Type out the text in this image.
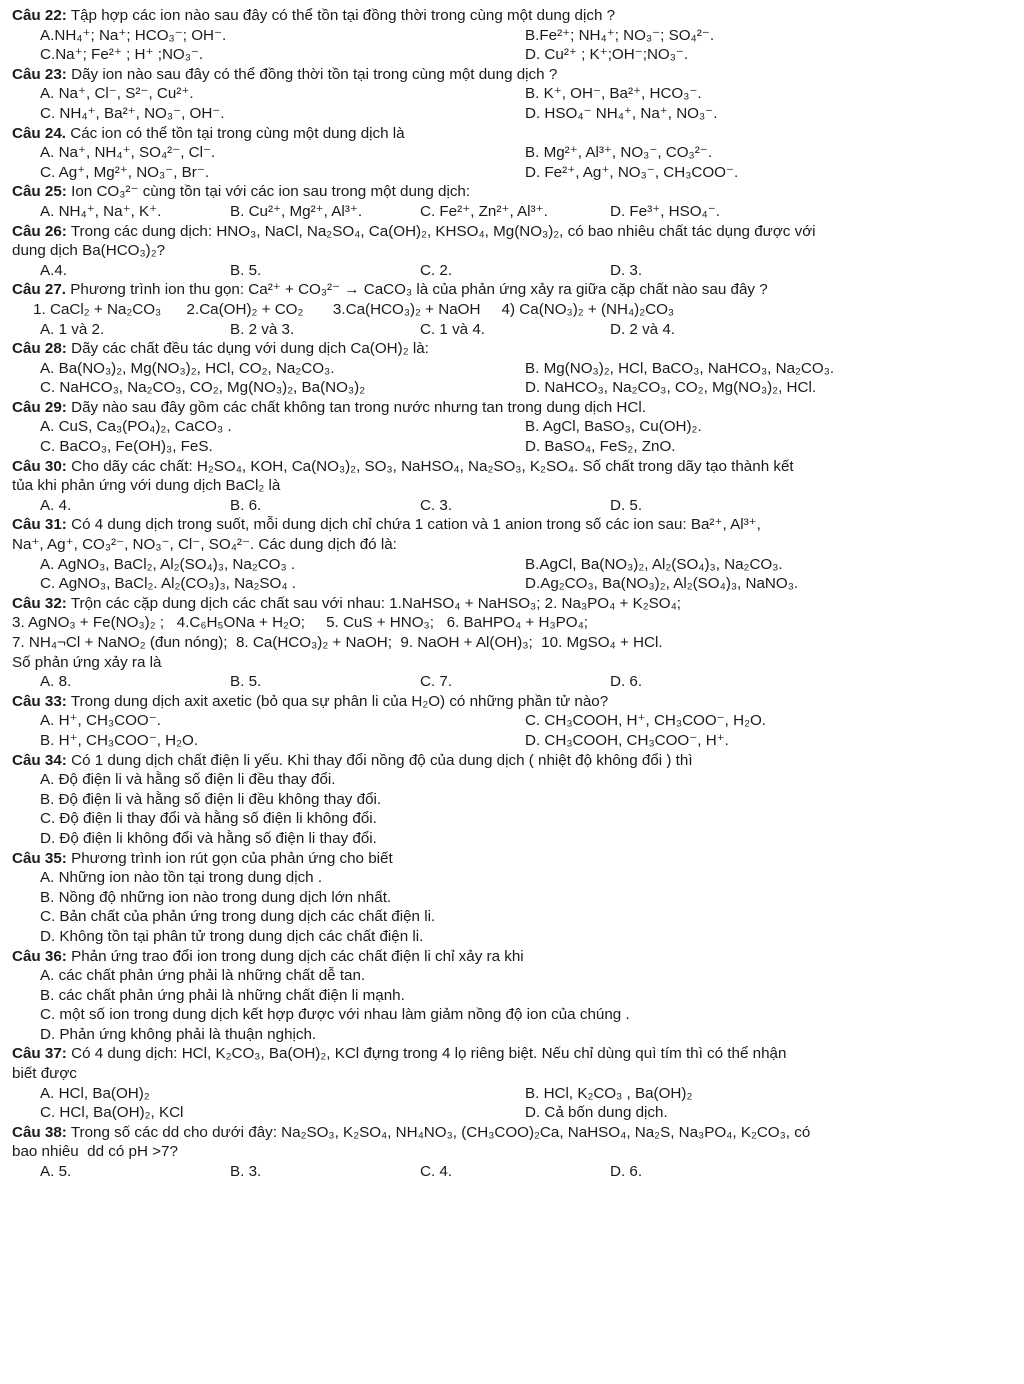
Câu 22: Tập hợp các ion nào sau đây có thể tồn tại đồng thời trong cùng một dung dịch ?
A.NH₄⁺; Na⁺; HCO₃⁻; OH⁻.	B.Fe²⁺; NH₄⁺; NO₃⁻; SO₄²⁻.
C.Na⁺; Fe²⁺ ; H⁺ ;NO₃⁻.	D. Cu²⁺ ; K⁺;OH⁻;NO₃⁻.
Câu 23: Dãy ion nào sau đây có thể đồng thời tồn tại trong cùng một dung dịch ?
A. Na⁺, Cl⁻, S²⁻, Cu²⁺.	B. K⁺, OH⁻, Ba²⁺, HCO₃⁻.
C. NH₄⁺, Ba²⁺, NO₃⁻, OH⁻.	D. HSO₄⁻ NH₄⁺, Na⁺, NO₃⁻.
Câu 24. Các ion có thể tồn tại trong cùng một dung dịch là
A. Na⁺, NH₄⁺, SO₄²⁻, Cl⁻.	B. Mg²⁺, Al³⁺, NO₃⁻, CO₃²⁻.
C. Ag⁺, Mg²⁺, NO₃⁻, Br⁻.	D. Fe²⁺, Ag⁺, NO₃⁻, CH₃COO⁻.
Câu 25: Ion CO₃²⁻ cùng tồn tại với các ion sau trong một dung dịch:
A. NH₄⁺, Na⁺, K⁺.	B. Cu²⁺, Mg²⁺, Al³⁺.	C. Fe²⁺, Zn²⁺, Al³⁺.	D. Fe³⁺, HSO₄⁻.
Câu 26: Trong các dung dịch: HNO₃, NaCl, Na₂SO₄, Ca(OH)₂, KHSO₄, Mg(NO₃)₂, có bao nhiêu chất tác dụng được với
dung dịch Ba(HCO₃)₂?
A.4.	B. 5.	C. 2.	D. 3.
Câu 27. Phương trình ion thu gọn: Ca²⁺ + CO₃²⁻ → CaCO₃ là của phản ứng xảy ra giữa cặp chất nào sau đây ?
1. CaCl₂ + Na₂CO₃      2.Ca(OH)₂ + CO₂       3.Ca(HCO₃)₂ + NaOH     4) Ca(NO₃)₂ + (NH₄)₂CO₃
A. 1 và 2.	B. 2 và 3.	C. 1 và 4.	D. 2 và 4.
Câu 28: Dãy các chất đều tác dụng với dung dịch Ca(OH)₂ là:
A. Ba(NO₃)₂, Mg(NO₃)₂, HCl, CO₂, Na₂CO₃.	B. Mg(NO₃)₂, HCl, BaCO₃, NaHCO₃, Na₂CO₃.
C. NaHCO₃, Na₂CO₃, CO₂, Mg(NO₃)₂, Ba(NO₃)₂	D. NaHCO₃, Na₂CO₃, CO₂, Mg(NO₃)₂, HCl.
Câu 29: Dãy nào sau đây gồm các chất không tan trong nước nhưng tan trong dung dịch HCl.
A. CuS, Ca₃(PO₄)₂, CaCO₃ .	B. AgCl, BaSO₃, Cu(OH)₂.
C. BaCO₃, Fe(OH)₃, FeS.	D. BaSO₄, FeS₂, ZnO.
Câu 30: Cho dãy các chất: H₂SO₄, KOH, Ca(NO₃)₂, SO₃, NaHSO₄, Na₂SO₃, K₂SO₄. Số chất trong dãy tạo thành kết
tủa khi phản ứng với dung dịch BaCl₂ là
A. 4.	B. 6.	C. 3.	D. 5.
Câu 31: Có 4 dung dịch trong suốt, mỗi dung dịch chỉ chứa 1 cation và 1 anion trong số các ion sau: Ba²⁺, Al³⁺,
Na⁺, Ag⁺, CO₃²⁻, NO₃⁻, Cl⁻, SO₄²⁻. Các dung dịch đó là:
A. AgNO₃, BaCl₂, Al₂(SO₄)₃, Na₂CO₃ .	B.AgCl, Ba(NO₃)₂, Al₂(SO₄)₃, Na₂CO₃.
C. AgNO₃, BaCl₂. Al₂(CO₃)₃, Na₂SO₄ .	D.Ag₂CO₃, Ba(NO₃)₂, Al₂(SO₄)₃, NaNO₃.
Câu 32: Trộn các cặp dung dịch các chất sau với nhau: 1.NaHSO₄ + NaHSO₃; 2. Na₃PO₄ + K₂SO₄;
3. AgNO₃ + Fe(NO₃)₂ ;   4.C₆H₅ONa + H₂O;     5. CuS + HNO₃;   6. BaHPO₄ + H₃PO₄;
7. NH₄¬Cl + NaNO₂ (đun nóng);  8. Ca(HCO₃)₂ + NaOH;  9. NaOH + Al(OH)₃;  10. MgSO₄ + HCl.
Số phản ứng xảy ra là
A. 8.	B. 5.	C. 7.	D. 6.
Câu 33: Trong dung dịch axit axetic (bỏ qua sự phân li của H₂O) có những phần tử nào?
A. H⁺, CH₃COO⁻.	C. CH₃COOH, H⁺, CH₃COO⁻, H₂O.
B. H⁺, CH₃COO⁻, H₂O.	D. CH₃COOH, CH₃COO⁻, H⁺.
Câu 34: Có 1 dung dịch chất điện li yếu. Khi thay đổi nồng độ của dung dịch ( nhiệt độ không đổi ) thì
A. Độ điện li và hằng số điện li đều thay đổi.
B. Độ điện li và hằng số điện li đều không thay đổi.
C. Độ điện li thay đổi và hằng số điện li không đổi.
D. Độ điện li không đổi và hằng số điện li thay đổi.
Câu 35: Phương trình ion rút gọn của phản ứng cho biết
A. Những ion nào tồn tại trong dung dịch .
B. Nồng độ những ion nào trong dung dịch lớn nhất.
C. Bản chất của phản ứng trong dung dịch các chất điện li.
D. Không tồn tại phân tử trong dung dịch các chất điện li.
Câu 36: Phản ứng trao đổi ion trong dung dịch các chất điện li chỉ xảy ra khi
A. các chất phản ứng phải là những chất dễ tan.
B. các chất phản ứng phải là những chất điện li mạnh.
C. một số ion trong dung dịch kết hợp được với nhau làm giảm nồng độ ion của chúng .
D. Phản ứng không phải là thuận nghịch.
Câu 37: Có 4 dung dịch: HCl, K₂CO₃, Ba(OH)₂, KCl đựng trong 4 lọ riêng biệt. Nếu chỉ dùng quì tím thì có thể nhận
biết được
A. HCl, Ba(OH)₂	B. HCl, K₂CO₃ , Ba(OH)₂
C. HCl, Ba(OH)₂, KCl	D. Cả bốn dung dịch.
Câu 38: Trong số các dd cho dưới đây: Na₂SO₃, K₂SO₄, NH₄NO₃, (CH₃COO)₂Ca, NaHSO₄, Na₂S, Na₃PO₄, K₂CO₃, có
bao nhiêu  dd có pH >7?
A. 5.	B. 3.	C. 4.	D. 6.
